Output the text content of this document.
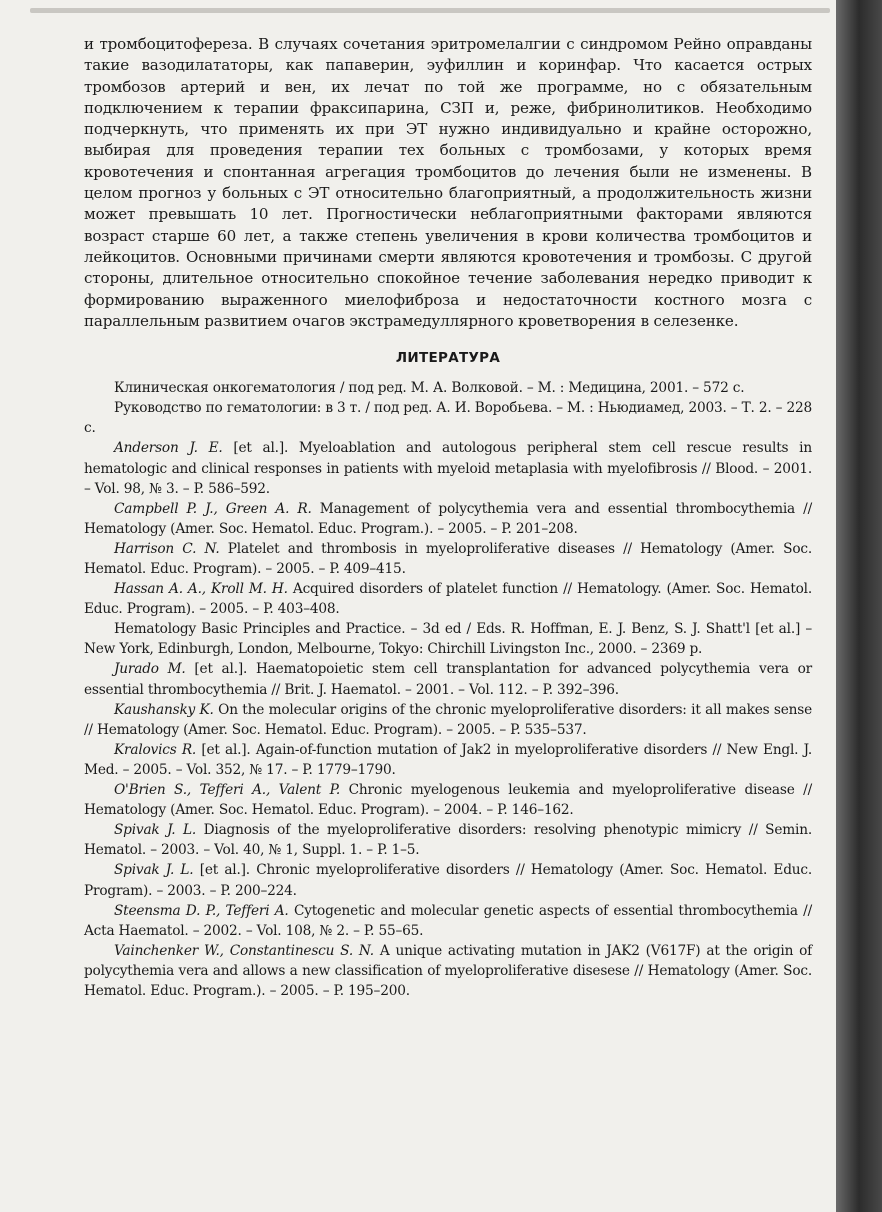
и тромбоцитофереза. В случаях сочетания эритромелалгии с синдромом Рейно оправданы такие вазодилататоры, как папаверин, эуфиллин и коринфар. Что касается острых тромбозов артерий и вен, их лечат по той же программе, но с обязательным подключением к терапии фраксипарина, СЗП и, реже, фибринолитиков. Необходимо подчеркнуть, что применять их при ЭТ нужно индивидуально и крайне осторожно, выбирая для проведения терапии тех больных с тромбозами, у которых время кровотечения и спонтанная агрегация тромбоцитов до лечения были не изменены. В целом прогноз у больных с ЭТ относительно благоприятный, а продолжительность жизни может превышать 10 лет. Прогностически неблагоприятными факторами являются возраст старше 60 лет, а также степень увеличения в крови количества тромбоцитов и лейкоцитов. Основными причинами смерти являются кровотечения и тромбозы. С другой стороны, длительное относительно спокойное течение заболевания нередко приводит к формированию выраженного миелофиброза и недостаточности костного мозга с параллельным развитием очагов экстрамедуллярного кроветворения в селезенке.

ЛИТЕРАТУРА

Клиническая онкогематология / под ред. М. А. Волковой. – М. : Медицина, 2001. – 572 с.

Руководство по гематологии: в 3 т. / под ред. А. И. Воробьева. – М. : Ньюдиамед, 2003. – Т. 2. – 228 с.

Anderson J. E. [et al.]. Myeloablation and autologous peripheral stem cell rescue results in hematologic and clinical responses in patients with myeloid metaplasia with myelofibrosis // Blood. – 2001. – Vol. 98, № 3. – P. 586–592.

Campbell P. J., Green A. R. Management of polycythemia vera and essential thrombocythemia // Hematology (Amer. Soc. Hematol. Educ. Program.). – 2005. – P. 201–208.

Harrison C. N. Platelet and thrombosis in myeloproliferative diseases // Hematology (Amer. Soc. Hematol. Educ. Program). – 2005. – P. 409–415.

Hassan A. A., Kroll M. H. Acquired disorders of platelet function // Hematology. (Amer. Soc. Hematol. Educ. Program). – 2005. – P. 403–408.

Hematology Basic Principles and Practice. – 3d ed / Eds. R. Hoffman, E. J. Benz, S. J. Shatt'l [et al.] – New York, Edinburgh, London, Melbourne, Tokyo: Chirchill Livingston Inc., 2000. – 2369 p.

Jurado M. [et al.]. Haematopoietic stem cell transplantation for advanced polycythemia vera or essential thrombocythemia // Brit. J. Haematol. – 2001. – Vol. 112. – P. 392–396.

Kaushansky K. On the molecular origins of the chronic myeloproliferative disorders: it all makes sense // Hematology (Amer. Soc. Hematol. Educ. Program). – 2005. – P. 535–537.

Kralovics R. [et al.]. Again-of-function mutation of Jak2 in myeloproliferative disorders // New Engl. J. Med. – 2005. – Vol. 352, № 17. – P. 1779–1790.

O'Brien S., Tefferi A., Valent P. Chronic myelogenous leukemia and myeloproliferative disease // Hematology (Amer. Soc. Hematol. Educ. Program). – 2004. – P. 146–162.

Spivak J. L. Diagnosis of the myeloproliferative disorders: resolving phenotypic mimicry // Semin. Hematol. – 2003. – Vol. 40, № 1, Suppl. 1. – P. 1–5.

Spivak J. L. [et al.]. Chronic myeloproliferative disorders // Hematology (Amer. Soc. Hematol. Educ. Program). – 2003. – P. 200–224.

Steensma D. P., Tefferi A. Cytogenetic and molecular genetic aspects of essential thrombocythemia // Acta Haematol. – 2002. – Vol. 108, № 2. – P. 55–65.

Vainchenker W., Constantinescu S. N. A unique activating mutation in JAK2 (V617F) at the origin of polycythemia vera and allows a new classification of myeloproliferative disesese // Hematology (Amer. Soc. Hematol. Educ. Program.). – 2005. – P. 195–200.
